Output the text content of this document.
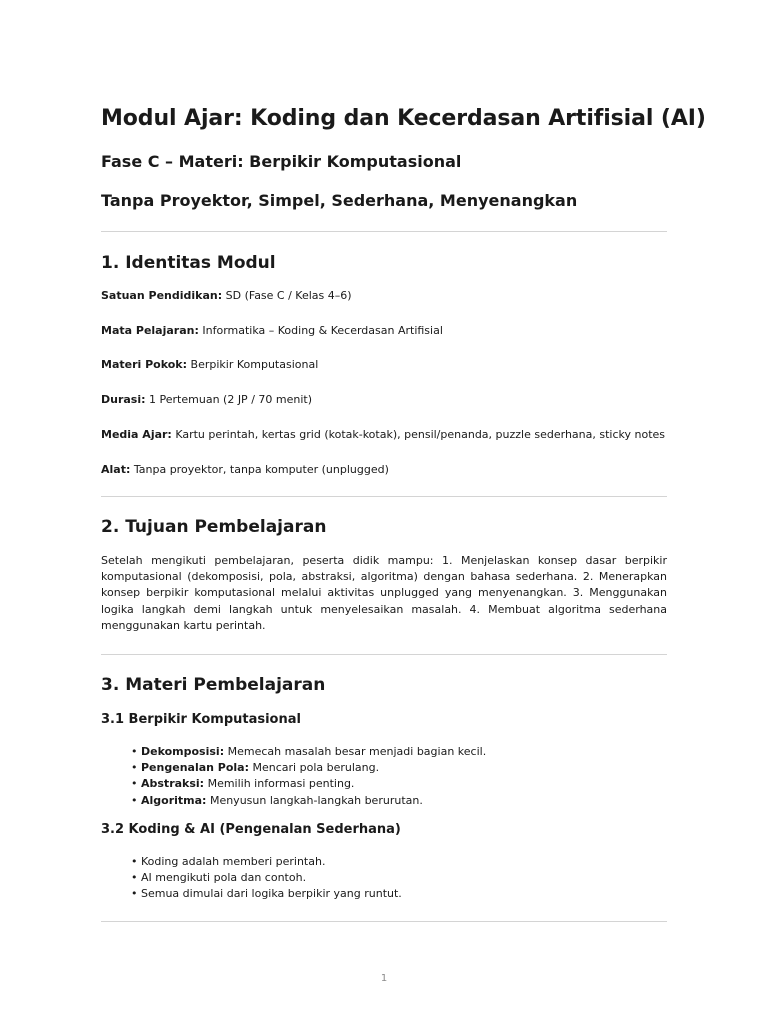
Modul Ajar: Koding dan Kecerdasan Artifisial (AI)

Fase C – Materi: Berpikir Komputasional

Tanpa Proyektor, Simpel, Sederhana, Menyenangkan

1. Identitas Modul

Satuan Pendidikan: SD (Fase C / Kelas 4–6)

Mata Pelajaran: Informatika – Koding & Kecerdasan Artifisial

Materi Pokok: Berpikir Komputasional

Durasi: 1 Pertemuan (2 JP / 70 menit)

Media Ajar: Kartu perintah, kertas grid (kotak-kotak), pensil/penanda, puzzle sederhana, sticky notes

Alat: Tanpa proyektor, tanpa komputer (unplugged)

2. Tujuan Pembelajaran

Setelah mengikuti pembelajaran, peserta didik mampu: 1. Menjelaskan konsep dasar berpikir komputasional (dekomposisi, pola, abstraksi, algoritma) dengan bahasa sederhana. 2. Menerapkan konsep berpikir komputasional melalui aktivitas unplugged yang menyenangkan. 3. Menggunakan logika langkah demi langkah untuk menyelesaikan masalah. 4. Membuat algoritma sederhana menggunakan kartu perintah.

3. Materi Pembelajaran
3.1 Berpikir Komputasional
• Dekomposisi: Memecah masalah besar menjadi bagian kecil.
• Pengenalan Pola: Mencari pola berulang.
• Abstraksi: Memilih informasi penting.
• Algoritma: Menyusun langkah-langkah berurutan.
3.2 Koding & AI (Pengenalan Sederhana)
• Koding adalah memberi perintah.
• AI mengikuti pola dan contoh.
• Semua dimulai dari logika berpikir yang runtut.
1
